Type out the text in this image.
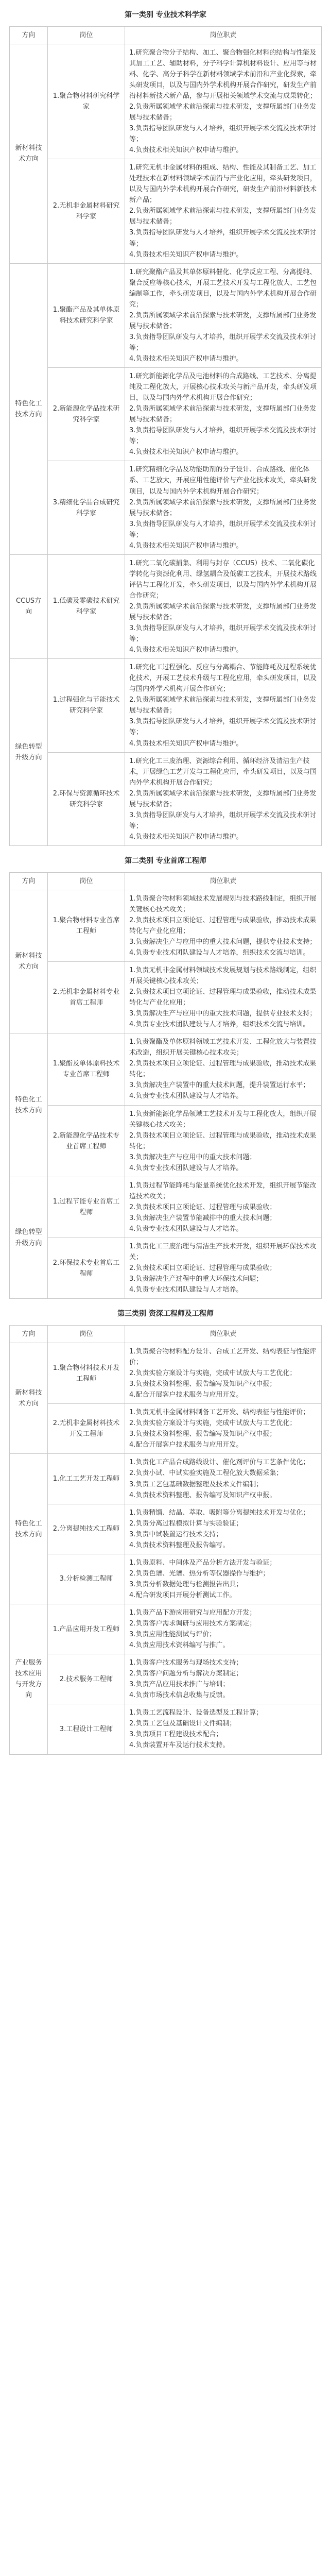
第一类别 专业技术科学家
方向	岗位	岗位职责
新材料技术方向	1.聚合物材料研究科学家	1.研究聚合物分子结构、加工、聚合物强化材料的结构与性能及其加工工艺、辅助材料，分子科学计算机材料设计、应用等与材料、化学、高分子科学在新材料领域学术前沿和产业化探索，牵头研发项目，以及与国内外学术机构开展合作研究，研发生产前沿材料新技术新产品，参与开展相关领域学术交流与成果转化；
2.负责所属领域学术前沿探索与技术研发，支撑所属部门业务发展与技术储备；
3.负责指导团队研发与人才培养，组织开展学术交流及技术研讨等；
4.负责技术相关知识产权申请与维护。

	2.无机非金属材料研究科学家	1.研究无机非金属材料的组成、结构、性能及其制备工艺、加工处理技术在新材料领域学术前沿与产业化应用，牵头研发项目，以及与国内外学术机构开展合作研究，研发生产前沿材料新技术新产品；
2.负责所属领域学术前沿探索与技术研发，支撑所属部门业务发展与技术储备；
3.负责指导团队研发与人才培养，组织开展学术交流及技术研讨等；
4.负责技术相关知识产权申请与维护。

特色化工技术方向	1.聚酯产品及其单体原料技术研究科学家	1.研究聚酯产品及其单体原料催化、化学反应工程、分离提纯、聚合反应等核心技术，开展工艺技术开发与工程化放大、工艺包编制等工作，牵头研发项目，以及与国内外学术机构开展合作研究；
2.负责所属领域学术前沿探索与技术研发，支撑所属部门业务发展与技术储备；
3.负责指导团队研发与人才培养，组织开展学术交流及技术研讨等；
4.负责技术相关知识产权申请与维护。

	2.新能源化学品技术研究科学家	1.研究新能源化学品及电池材料的合成路线、工艺技术、分离提纯及工程化放大，开展核心技术攻关与新产品开发，牵头研发项目，以及与国内外学术机构开展合作研究；
2.负责所属领域学术前沿探索与技术研发，支撑所属部门业务发展与技术储备；
3.负责指导团队研发与人才培养，组织开展学术交流及技术研讨等；
4.负责技术相关知识产权申请与维护。

	3.精细化学品合成研究科学家	1.研究精细化学品及功能助剂的分子设计、合成路线、催化体系、工艺放大，开展应用性能评价与产业化技术攻关，牵头研发项目，以及与国内外学术机构开展合作研究；
2.负责所属领域学术前沿探索与技术研发，支撑所属部门业务发展与技术储备；
3.负责指导团队研发与人才培养，组织开展学术交流及技术研讨等；
4.负责技术相关知识产权申请与维护。

CCUS方向	1.低碳及零碳技术研究科学家	1.研究二氧化碳捕集、利用与封存（CCUS）技术、二氧化碳化学转化与资源化利用、绿氢耦合及低碳工艺技术，开展技术路线评估与工程化开发，牵头研发项目，以及与国内外学术机构开展合作研究；
2.负责所属领域学术前沿探索与技术研发，支撑所属部门业务发展与技术储备；
3.负责指导团队研发与人才培养，组织开展学术交流及技术研讨等；
4.负责技术相关知识产权申请与维护。

绿色转型升级方向	1.过程强化与节能技术研究科学家	1.研究化工过程强化、反应与分离耦合、节能降耗及过程系统优化技术，开展工艺技术升级与工程化应用，牵头研发项目，以及与国内外学术机构开展合作研究；
2.负责所属领域学术前沿探索与技术研发，支撑所属部门业务发展与技术储备；
3.负责指导团队研发与人才培养，组织开展学术交流及技术研讨等；
4.负责技术相关知识产权申请与维护。

	2.环保与资源循环技术研究科学家	1.研究化工三废治理、资源综合利用、循环经济及清洁生产技术，开展绿色工艺开发与工程化应用，牵头研发项目，以及与国内外学术机构开展合作研究；
2.负责所属领域学术前沿探索与技术研发，支撑所属部门业务发展与技术储备；
3.负责指导团队研发与人才培养，组织开展学术交流及技术研讨等；
4.负责技术相关知识产权申请与维护。
第二类别 专业首席工程师
方向	岗位	岗位职责
新材料技术方向	1.聚合物材料专业首席工程师	1.负责聚合物材料领域技术发展规划与技术路线制定，组织开展关键核心技术攻关；
2.负责技术项目立项论证、过程管理与成果验收，推动技术成果转化与产业化应用；
3.负责解决生产与应用中的重大技术问题，提供专业技术支持；
4.负责专业技术团队建设与人才培养，组织技术交流与培训。

	2.无机非金属材料专业首席工程师	1.负责无机非金属材料领域技术发展规划与技术路线制定，组织开展关键核心技术攻关；
2.负责技术项目立项论证、过程管理与成果验收，推动技术成果转化与产业化应用；
3.负责解决生产与应用中的重大技术问题，提供专业技术支持；
4.负责专业技术团队建设与人才培养，组织技术交流与培训。

特色化工技术方向	1.聚酯及单体原料技术专业首席工程师	1.负责聚酯及单体原料领域工艺技术开发、工程化放大与装置技术改造，组织开展关键核心技术攻关；
2.负责技术项目立项论证、过程管理与成果验收，推动技术成果转化；
3.负责解决生产装置中的重大技术问题，提升装置运行水平；
4.负责专业技术团队建设与人才培养。

	2.新能源化学品技术专业首席工程师	1.负责新能源化学品领域工艺技术开发与工程化放大，组织开展关键核心技术攻关；
2.负责技术项目立项论证、过程管理与成果验收，推动技术成果转化；
3.负责解决生产与应用中的重大技术问题；
4.负责专业技术团队建设与人才培养。

绿色转型升级方向	1.过程节能专业首席工程师	1.负责过程节能降耗与能量系统优化技术开发，组织开展节能改造技术攻关；
2.负责技术项目立项论证、过程管理与成果验收；
3.负责解决生产装置节能减排中的重大技术问题；
4.负责专业技术团队建设与人才培养。

	2.环保技术专业首席工程师	1.负责化工三废治理与清洁生产技术开发，组织开展环保技术攻关；
2.负责技术项目立项论证、过程管理与成果验收；
3.负责解决生产过程中的重大环保技术问题；
4.负责专业技术团队建设与人才培养。
第三类别 资深工程师及工程师
方向	岗位	岗位职责
新材料技术方向	1.聚合物材料技术开发工程师	1.负责聚合物材料配方设计、合成工艺开发、结构表征与性能评价；
2.负责实验方案设计与实施，完成中试放大与工艺优化；
3.负责技术资料整理、报告编写及知识产权申报；
4.配合开展客户技术服务与应用开发。

	2.无机非金属材料技术开发工程师	1.负责无机非金属材料制备工艺开发、结构表征与性能评价；
2.负责实验方案设计与实施，完成中试放大与工艺优化；
3.负责技术资料整理、报告编写及知识产权申报；
4.配合开展客户技术服务与应用开发。

特色化工技术方向	1.化工工艺开发工程师	1.负责化工产品合成路线设计、催化剂评价与工艺条件优化；
2.负责小试、中试实验实施及工程化放大数据采集；
3.负责工艺包基础数据整理及技术文件编制；
4.负责技术资料整理、报告编写及知识产权申报。

	2.分离提纯技术工程师	1.负责精馏、结晶、萃取、吸附等分离提纯技术开发与优化；
2.负责分离过程模拟计算与实验验证；
3.负责中试装置运行技术支持；
4.负责技术资料整理及报告编写。

	3.分析检测工程师	1.负责原料、中间体及产品分析方法开发与验证；
2.负责色谱、光谱、热分析等仪器操作与维护；
3.负责分析数据处理与检测报告出具；
4.配合研发项目开展分析测试工作。

产业服务技术应用与开发方向	1.产品应用开发工程师	1.负责产品下游应用研究与应用配方开发；
2.负责客户需求调研与应用技术方案制定；
3.负责应用性能测试与评价；
4.负责应用技术资料编写与推广。

	2.技术服务工程师	1.负责客户技术服务与现场技术支持；
2.负责客户问题分析与解决方案制定；
3.负责产品应用技术推广与培训；
4.负责市场技术信息收集与反馈。

	3.工程设计工程师	1.负责工艺流程设计、设备选型及工程计算；
2.负责工艺包及基础设计文件编制；
3.负责项目工程建设技术配合；
4.负责装置开车及运行技术支持。
